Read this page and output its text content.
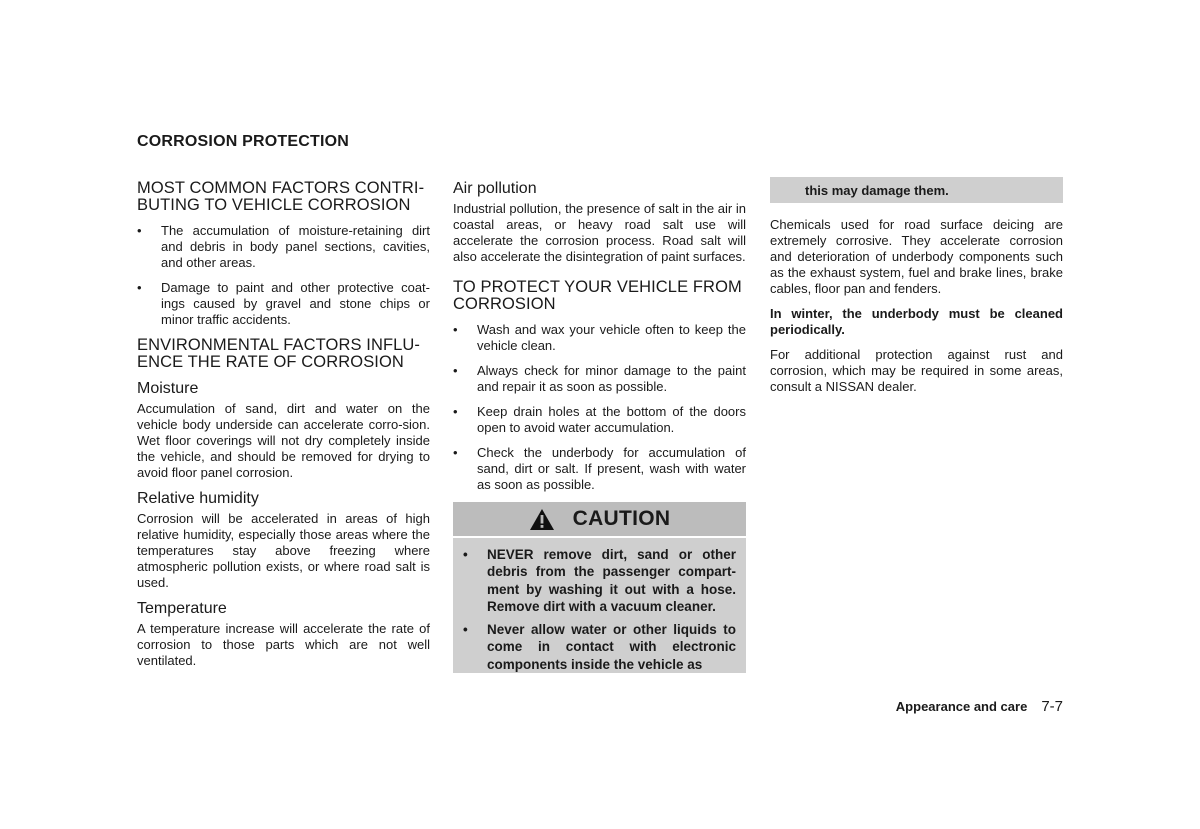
CORROSION PROTECTION
MOST COMMON FACTORS CONTRI-BUTING TO VEHICLE CORROSION
• The accumulation of moisture-retaining dirt and debris in body panel sections, cavities, and other areas.
• Damage to paint and other protective coat-ings caused by gravel and stone chips or minor traffic accidents.
ENVIRONMENTAL FACTORS INFLU-ENCE THE RATE OF CORROSION
Moisture

Accumulation of sand, dirt and water on the vehicle body underside can accelerate corro-sion. Wet floor coverings will not dry completely inside the vehicle, and should be removed for drying to avoid floor panel corrosion.

Relative humidity

Corrosion will be accelerated in areas of high relative humidity, especially those areas where the temperatures stay above freezing where atmospheric pollution exists, or where road salt is used.

Temperature

A temperature increase will accelerate the rate of corrosion to those parts which are not well ventilated.

Air pollution

Industrial pollution, the presence of salt in the air in coastal areas, or heavy road salt use will accelerate the corrosion process. Road salt will also accelerate the disintegration of paint surfaces.

TO PROTECT YOUR VEHICLE FROM CORROSION
• Wash and wax your vehicle often to keep the vehicle clean.
• Always check for minor damage to the paint and repair it as soon as possible.
• Keep drain holes at the bottom of the doors open to avoid water accumulation.
• Check the underbody for accumulation of sand, dirt or salt. If present, wash with water as soon as possible.
CAUTION
• NEVER remove dirt, sand or other debris from the passenger compart-ment by washing it out with a hose. Remove dirt with a vacuum cleaner.
• Never allow water or other liquids to come in contact with electronic components inside the vehicle as
this may damage them.

Chemicals used for road surface deicing are extremely corrosive. They accelerate corrosion and deterioration of underbody components such as the exhaust system, fuel and brake lines, brake cables, floor pan and fenders.

In winter, the underbody must be cleaned periodically.

For additional protection against rust and corrosion, which may be required in some areas, consult a NISSAN dealer.

Appearance and care 7-7
